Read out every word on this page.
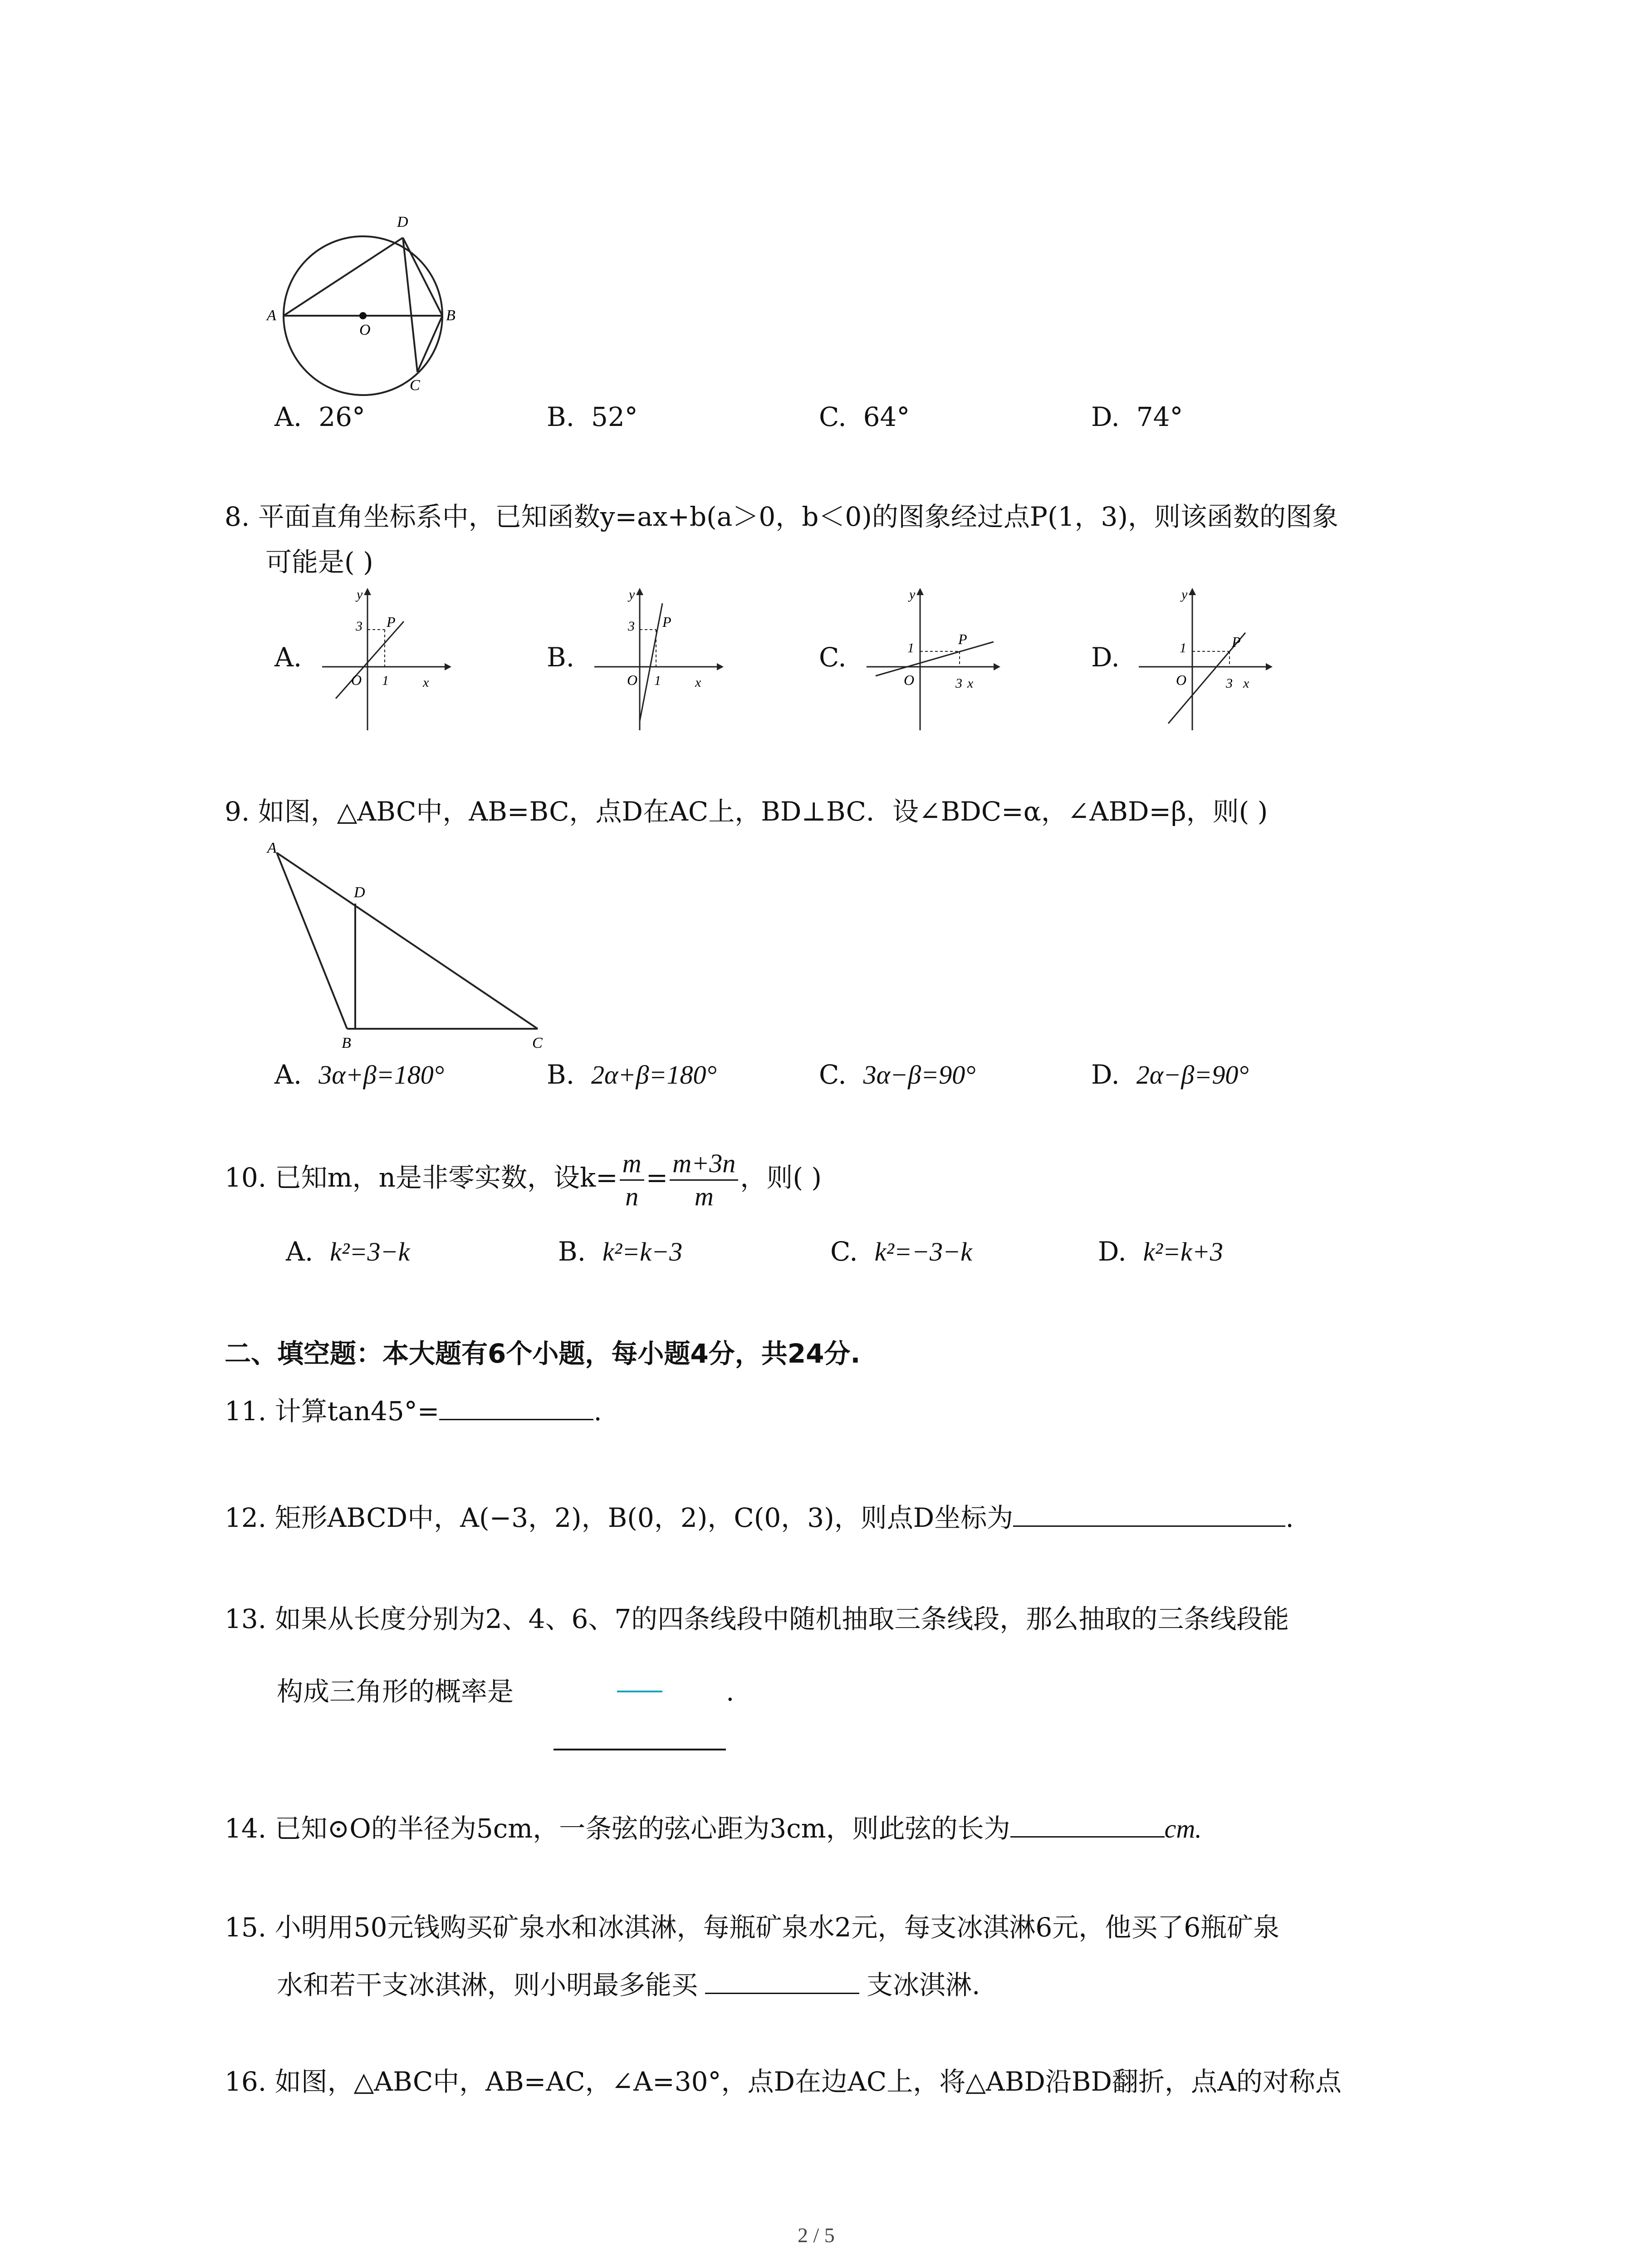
A	B
C
D
O
A. 26°	B. 52°	C. 64°	D. 74°
8. 平面直角坐标系中，已知函数y=ax+b(a＞0，b＜0)的图象经过点P(1，3)，则该函数的图象
可能是( )
A.
y
x
O
P
3
1
B.
y
x
O
P
3
1
C.
y
x
O
P
1
3
D.
y
x
O
P
1
3
9. 如图，△ABC中，AB=BC，点D在AC上，BD⊥BC．设∠BDC=α，∠ABD=β，则( )
A
B	C
D
A. 3α+β=180°	B. 2α+β=180°	C. 3α−β=90°	D. 2α−β=90°
10. 已知m，n是非零实数，设$k= \frac{m}{n} = \frac{m+3n}{m}$ ，则( )
A. k²=3−k	B. k²=k−3	C. k²=−3−k	D. k²=k+3
二、填空题：本大题有6个小题，每小题4分，共24分.
11. 计算tan45°=	.
12. 矩形ABCD中，A(−3，2)，B(0，2)，C(0，3)，则点D坐标为	.
13. 如果从长度分别为2、4、6、7的四条线段中随机抽取三条线段，那么抽取的三条线段能
构成三角形的概率是	.
14. 已知⊙O的半径为5cm，一条弦的弦心距为3cm，则此弦的长为	cm.
15. 小明用50元钱购买矿泉水和冰淇淋，每瓶矿泉水2元，每支冰淇淋6元，他买了6瓶矿泉
水和若干支冰淇淋，则小明最多能买	支冰淇淋.
16. 如图，△ABC中，AB=AC，∠A=30°，点D在边AC上，将△ABD沿BD翻折，点A的对称点
2 / 5
